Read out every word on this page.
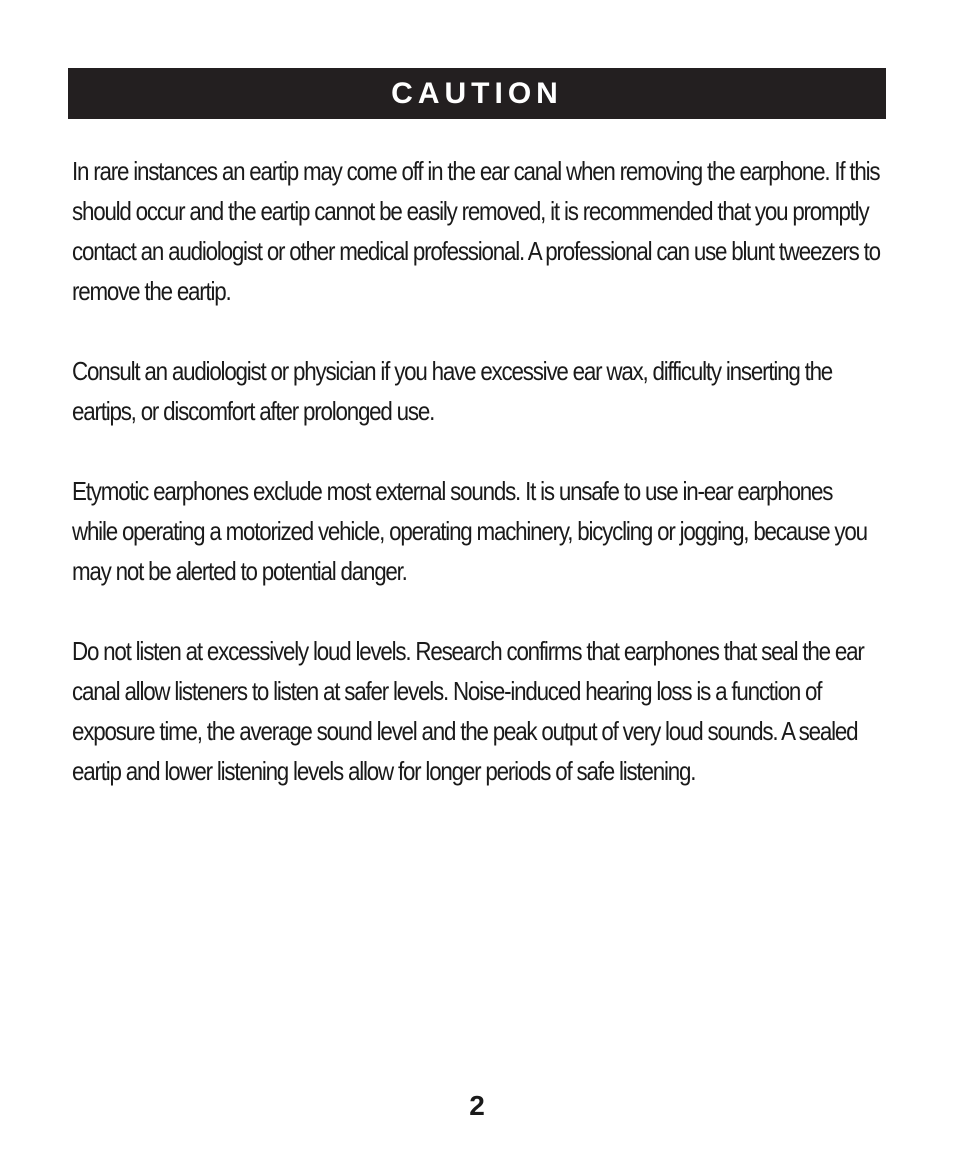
CAUTION

In rare instances an eartip may come off in the ear canal when removing the earphone. If this should occur and the eartip cannot be easily removed, it is recommended that you promptly contact an audiologist or other medical professional. A professional can use blunt tweezers to remove the eartip.

Consult an audiologist or physician if you have excessive ear wax, difficulty inserting the eartips, or discomfort after prolonged use.

Etymotic earphones exclude most external sounds. It is unsafe to use in-ear earphones while operating a motorized vehicle, operating machinery, bicycling or jogging, because you may not be alerted to potential danger.

Do not listen at excessively loud levels. Research confirms that earphones that seal the ear canal allow listeners to listen at safer levels. Noise-induced hearing loss is a function of exposure time, the average sound level and the peak output of very loud sounds. A sealed eartip and lower listening levels allow for longer periods of safe listening.

2
